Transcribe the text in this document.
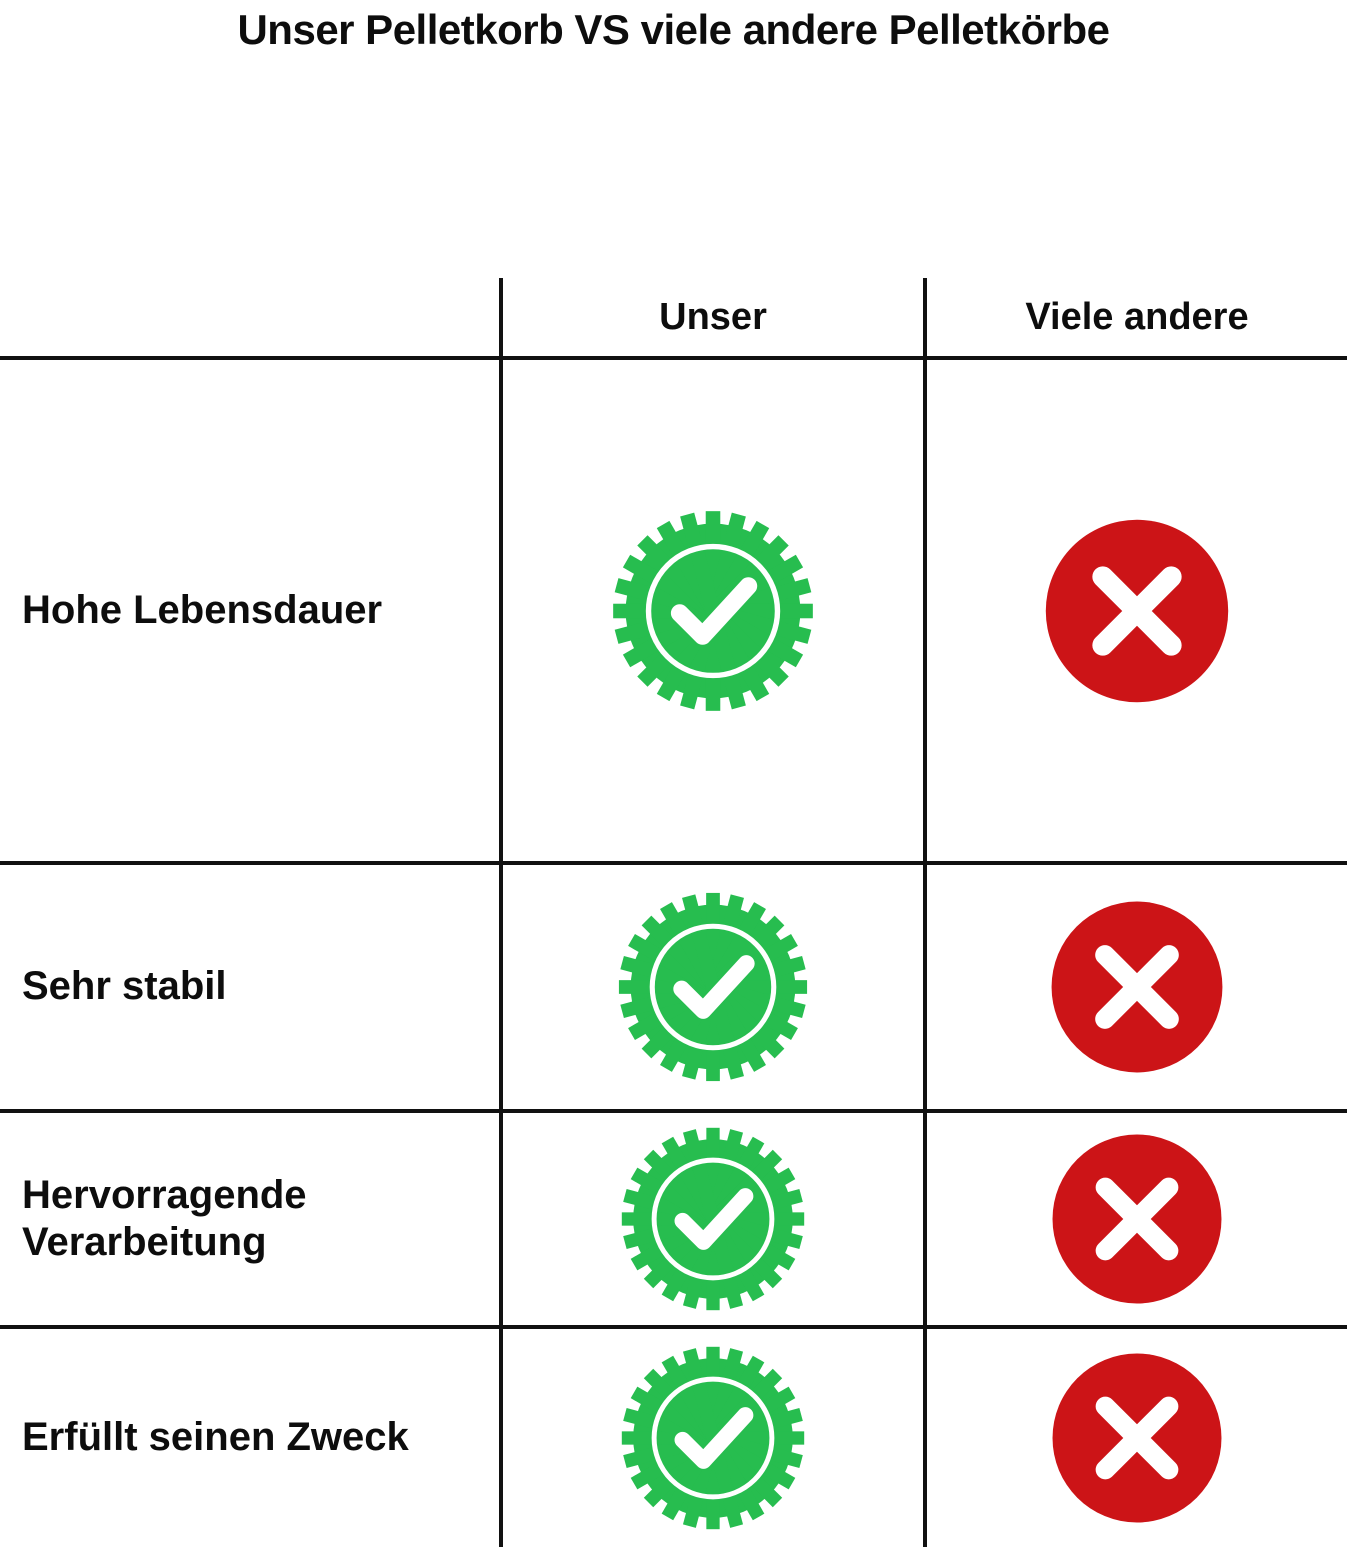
Unser Pelletkorb VS viele andere Pelletkörbe
Unser	Viele andere
Hohe Lebensdauer
Sehr stabil
Hervorragende Verarbeitung
Erfüllt seinen Zweck
